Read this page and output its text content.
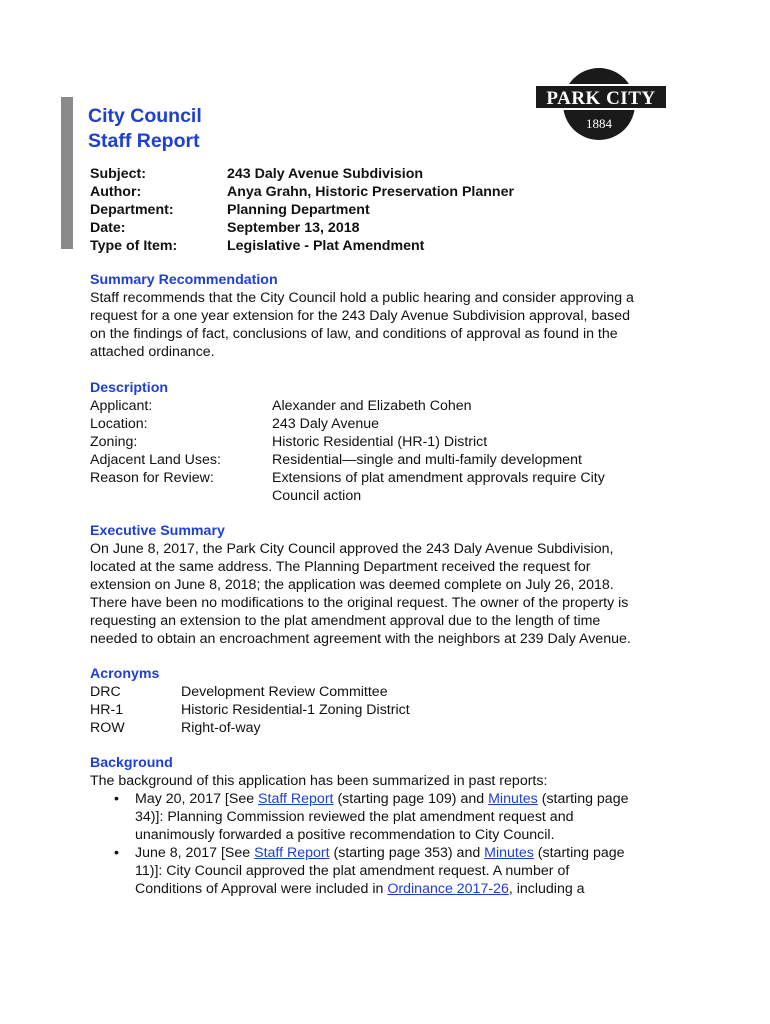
City Council
Staff Report
PARK CITY
1884
Subject:	243 Daly Avenue Subdivision
Author:	Anya Grahn, Historic Preservation Planner
Department:	Planning Department
Date:	September 13, 2018
Type of Item:	Legislative - Plat Amendment
Summary Recommendation
Staff recommends that the City Council hold a public hearing and consider approving a
request for a one year extension for the 243 Daly Avenue Subdivision approval, based
on the findings of fact, conclusions of law, and conditions of approval as found in the
attached ordinance.
Description
Applicant:	Alexander and Elizabeth Cohen
Location:	243 Daly Avenue
Zoning:	Historic Residential (HR-1) District
Adjacent Land Uses:	Residential—single and multi-family development
Reason for Review:	Extensions of plat amendment approvals require City
Council action
Executive Summary
On June 8, 2017, the Park City Council approved the 243 Daly Avenue Subdivision,
located at the same address. The Planning Department received the request for
extension on June 8, 2018; the application was deemed complete on July 26, 2018.
There have been no modifications to the original request. The owner of the property is
requesting an extension to the plat amendment approval due to the length of time
needed to obtain an encroachment agreement with the neighbors at 239 Daly Avenue.
Acronyms
DRC	Development Review Committee
HR-1	Historic Residential-1 Zoning District
ROW	Right-of-way
Background
The background of this application has been summarized in past reports:
• May 20, 2017 [See Staff Report (starting page 109) and Minutes (starting page
34)]: Planning Commission reviewed the plat amendment request and
unanimously forwarded a positive recommendation to City Council.
• June 8, 2017 [See Staff Report (starting page 353) and Minutes (starting page
11)]: City Council approved the plat amendment request. A number of
Conditions of Approval were included in Ordinance 2017-26, including a
